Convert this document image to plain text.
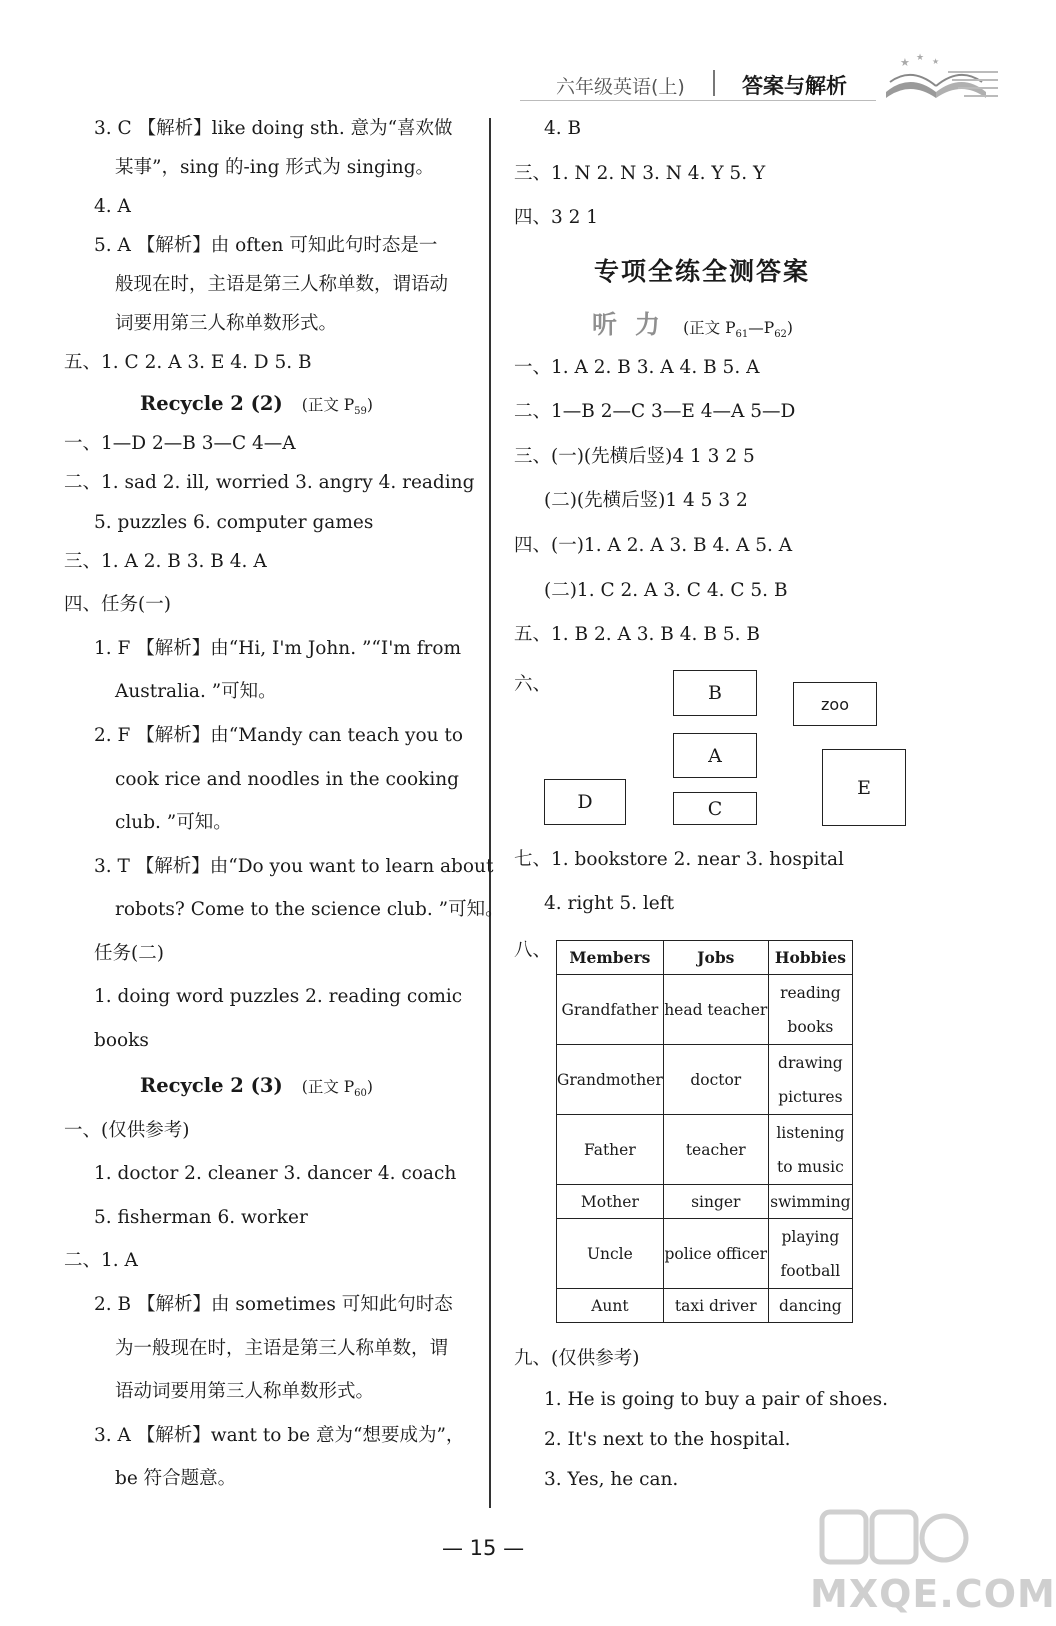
六年级英语(上)	答案与解析
★ ★ ★
3. C 【解析】like doing sth. 意为“喜欢做
某事”，sing 的-ing 形式为 singing。
4. A
5. A 【解析】由 often 可知此句时态是一
般现在时，主语是第三人称单数，谓语动
词要用第三人称单数形式。
五、1. C 2. A 3. E 4. D 5. B
Recycle 2 (2) (正文 $P_{59}$)
一、1—D 2—B 3—C 4—A
二、1. sad 2. ill, worried 3. angry 4. reading
5. puzzles 6. computer games
三、1. A 2. B 3. B 4. A
四、任务(一)
1. F 【解析】由“Hi, I'm John. ”“I'm from
Australia. ”可知。
2. F 【解析】由“Mandy can teach you to
cook rice and noodles in the cooking
club. ”可知。
3. T 【解析】由“Do you want to learn about
robots? Come to the science club. ”可知。
任务(二)
1. doing word puzzles 2. reading comic
books
Recycle 2 (3) (正文 $P_{60}$)
一、(仅供参考)
1. doctor 2. cleaner 3. dancer 4. coach
5. fisherman 6. worker
二、1. A
2. B 【解析】由 sometimes 可知此句时态
为一般现在时，主语是第三人称单数，谓
语动词要用第三人称单数形式。
3. A 【解析】want to be 意为“想要成为”，
be 符合题意。
4. B
三、1. N 2. N 3. N 4. Y 5. Y
四、3 2 1
专项全练全测答案
听力 (正文 $P_{61}—P_{62}$)
一、1. A 2. B 3. A 4. B 5. A
二、1—B 2—C 3—E 4—A 5—D
三、(一)(先横后竖)4 1 3 2 5
(二)(先横后竖)1 4 5 3 2
四、(一)1. A 2. A 3. B 4. A 5. A
(二)1. C 2. A 3. C 4. C 5. B
五、1. B 2. A 3. B 4. B 5. B
六、	B	zoo
A
D	C
E
七、1. bookstore 2. near 3. hospital
4. right 5. left
八、 Members	Jobs	Hobbies
Grandfather	head teacher	reading
books

Grandmother	doctor	drawing
pictures

Father	teacher	listening
to music

Mother	singer	swimming
Uncle	police officer	playing
football

Aunt	taxi driver	dancing
九、(仅供参考)
1. He is going to buy a pair of shoes.
2. It's next to the hospital.
3. Yes, he can.
— 15 —
MXQE.COM
